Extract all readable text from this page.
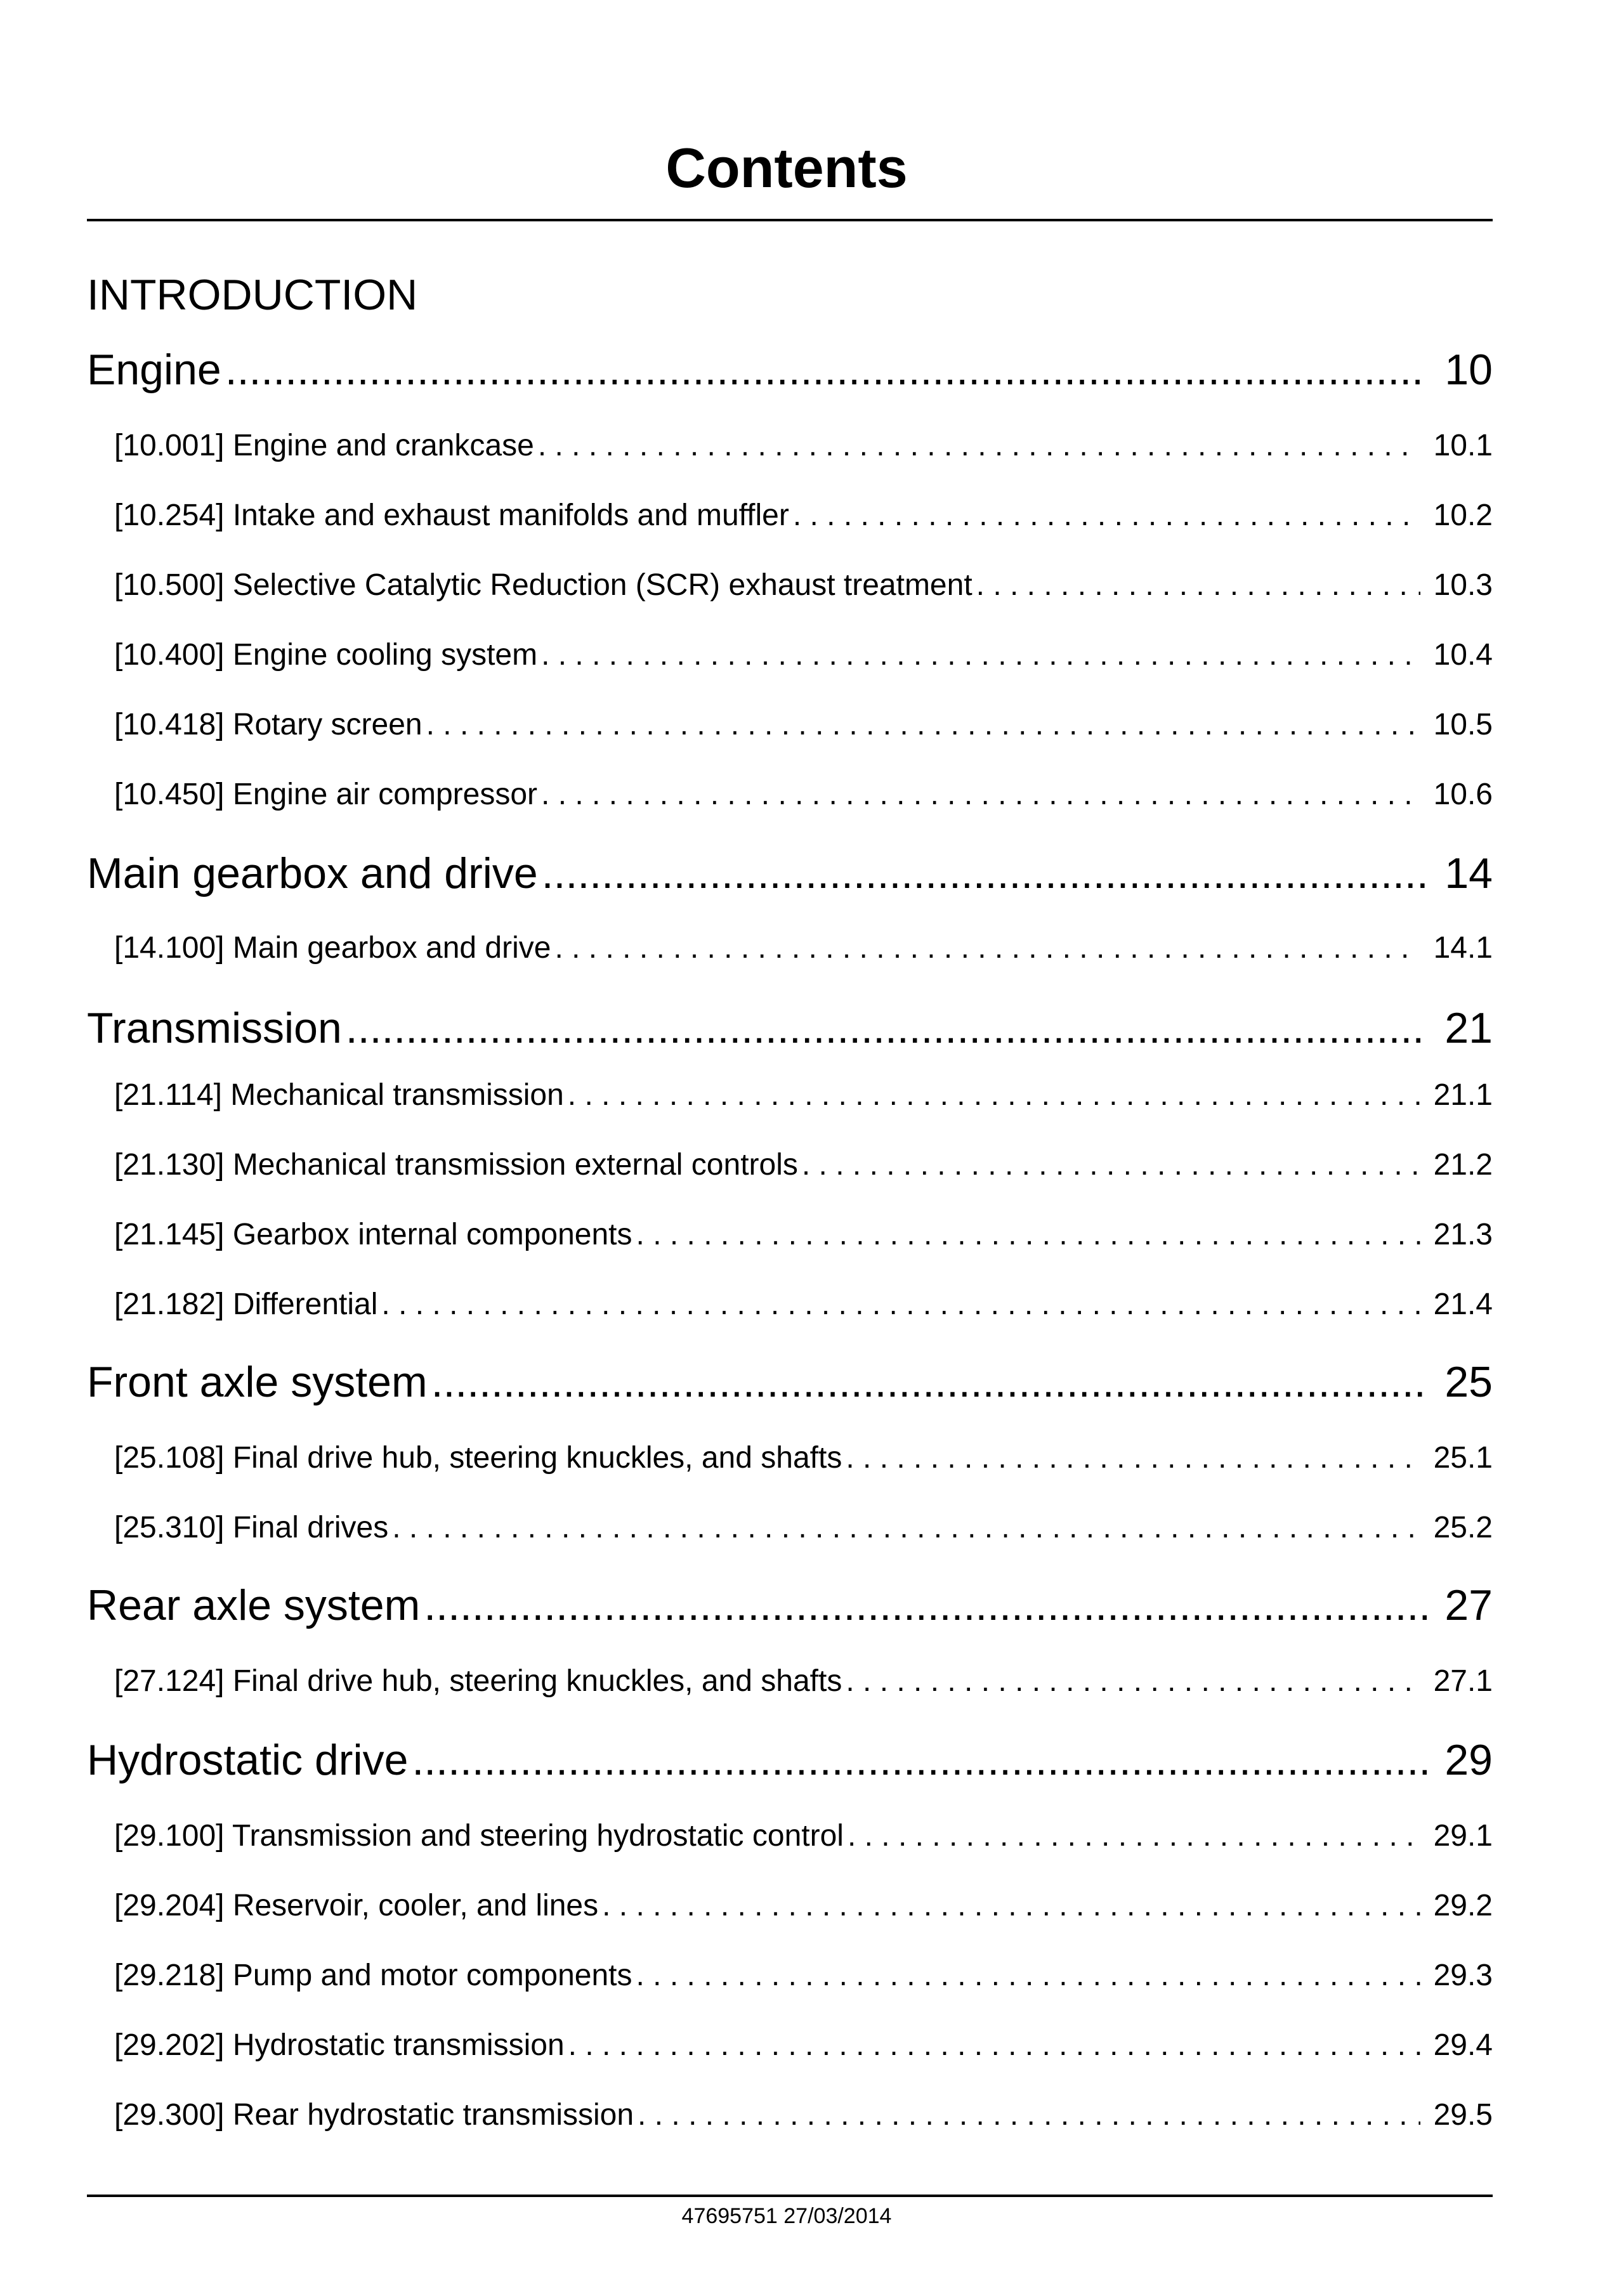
Contents
INTRODUCTION
Engine .....	10
[10.001] Engine and crankcase . . .	10.1
[10.254] Intake and exhaust manifolds and muffler . . .	10.2
[10.500] Selective Catalytic Reduction (SCR) exhaust treatment . . .	10.3
[10.400] Engine cooling system . . .	10.4
[10.418] Rotary screen . . .	10.5
[10.450] Engine air compressor . . .	10.6
Main gearbox and drive .....	14
[14.100] Main gearbox and drive . . .	14.1
Transmission .....	21
[21.114] Mechanical transmission . . .	21.1
[21.130] Mechanical transmission external controls . . .	21.2
[21.145] Gearbox internal components . . .	21.3
[21.182] Differential . . .	21.4
Front axle system .....	25
[25.108] Final drive hub, steering knuckles, and shafts . . .	25.1
[25.310] Final drives . . .	25.2
Rear axle system .....	27
[27.124] Final drive hub, steering knuckles, and shafts . . .	27.1
Hydrostatic drive .....	29
[29.100] Transmission and steering hydrostatic control . . .	29.1
[29.204] Reservoir, cooler, and lines . . .	29.2
[29.218] Pump and motor components . . .	29.3
[29.202] Hydrostatic transmission . . .	29.4
[29.300] Rear hydrostatic transmission . . .	29.5
47695751 27/03/2014
